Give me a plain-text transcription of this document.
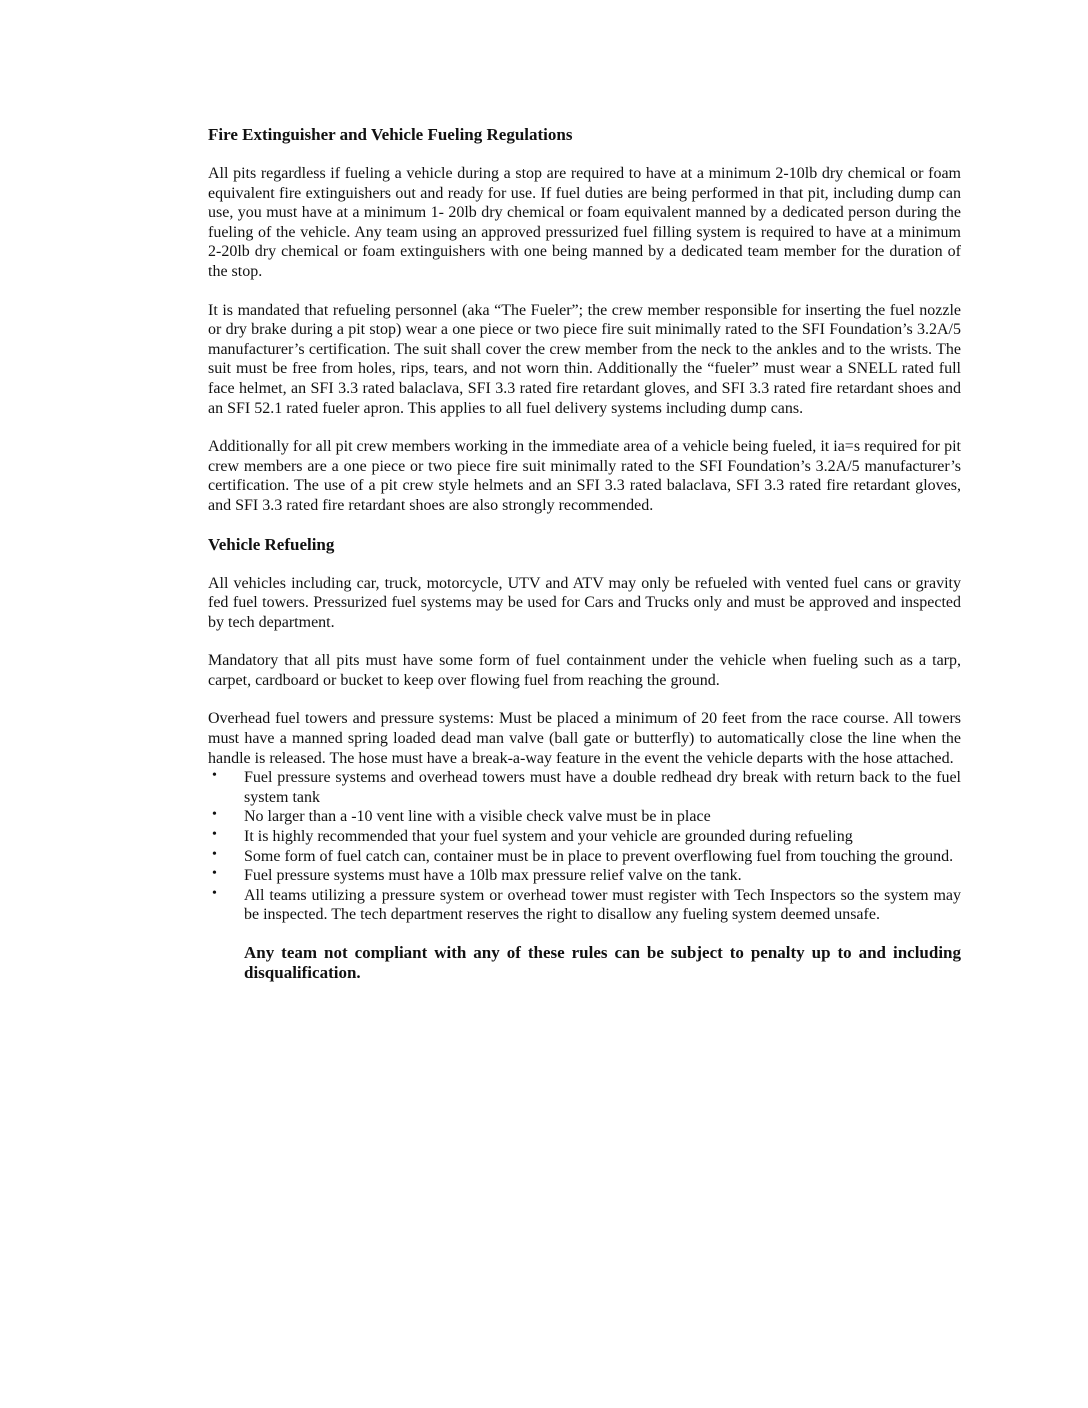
Fire Extinguisher and Vehicle Fueling Regulations

All pits regardless if fueling a vehicle during a stop are required to have at a minimum 2-10lb dry chemical or foam equivalent fire extinguishers out and ready for use. If fuel duties are being performed in that pit, including dump can use, you must have at a minimum 1- 20lb dry chemical or foam equivalent manned by a dedicated person during the fueling of the vehicle. Any team using an approved pressurized fuel filling system is required to have at a minimum 2-20lb dry chemical or foam extinguishers with one being manned by a dedicated team member for the duration of the stop.

It is mandated that refueling personnel (aka “The Fueler”; the crew member responsible for inserting the fuel nozzle or dry brake during a pit stop) wear a one piece or two piece fire suit minimally rated to the SFI Foundation’s 3.2A/5 manufacturer’s certification. The suit shall cover the crew member from the neck to the ankles and to the wrists. The suit must be free from holes, rips, tears, and not worn thin. Additionally the “fueler” must wear a SNELL rated full face helmet, an SFI 3.3 rated balaclava, SFI 3.3 rated fire retardant gloves, and SFI 3.3 rated fire retardant shoes and an SFI 52.1 rated fueler apron. This applies to all fuel delivery systems including dump cans.

Additionally for all pit crew members working in the immediate area of a vehicle being fueled, it ia=s required for pit crew members are a one piece or two piece fire suit minimally rated to the SFI Foundation’s 3.2A/5 manufacturer’s certification. The use of a pit crew style helmets and an SFI 3.3 rated balaclava, SFI 3.3 rated fire retardant gloves, and SFI 3.3 rated fire retardant shoes are also strongly recommended.

Vehicle Refueling

All vehicles including car, truck, motorcycle, UTV and ATV may only be refueled with vented fuel cans or gravity fed fuel towers. Pressurized fuel systems may be used for Cars and Trucks only and must be approved and inspected by tech department.

Mandatory that all pits must have some form of fuel containment under the vehicle when fueling such as a tarp, carpet, cardboard or bucket to keep over flowing fuel from reaching the ground.

Overhead fuel towers and pressure systems: Must be placed a minimum of 20 feet from the race course. All towers must have a manned spring loaded dead man valve (ball gate or butterfly) to automatically close the line when the handle is released. The hose must have a break-a-way feature in the event the vehicle departs with the hose attached.

• Fuel pressure systems and overhead towers must have a double redhead dry break with return back to the fuel system tank
• No larger than a -10 vent line with a visible check valve must be in place
• It is highly recommended that your fuel system and your vehicle are grounded during refueling
• Some form of fuel catch can, container must be in place to prevent overflowing fuel from touching the ground.
• Fuel pressure systems must have a 10lb max pressure relief valve on the tank.
• All teams utilizing a pressure system or overhead tower must register with Tech Inspectors so the system may be inspected. The tech department reserves the right to disallow any fueling system deemed unsafe.

Any team not compliant with any of these rules can be subject to penalty up to and including disqualification.
